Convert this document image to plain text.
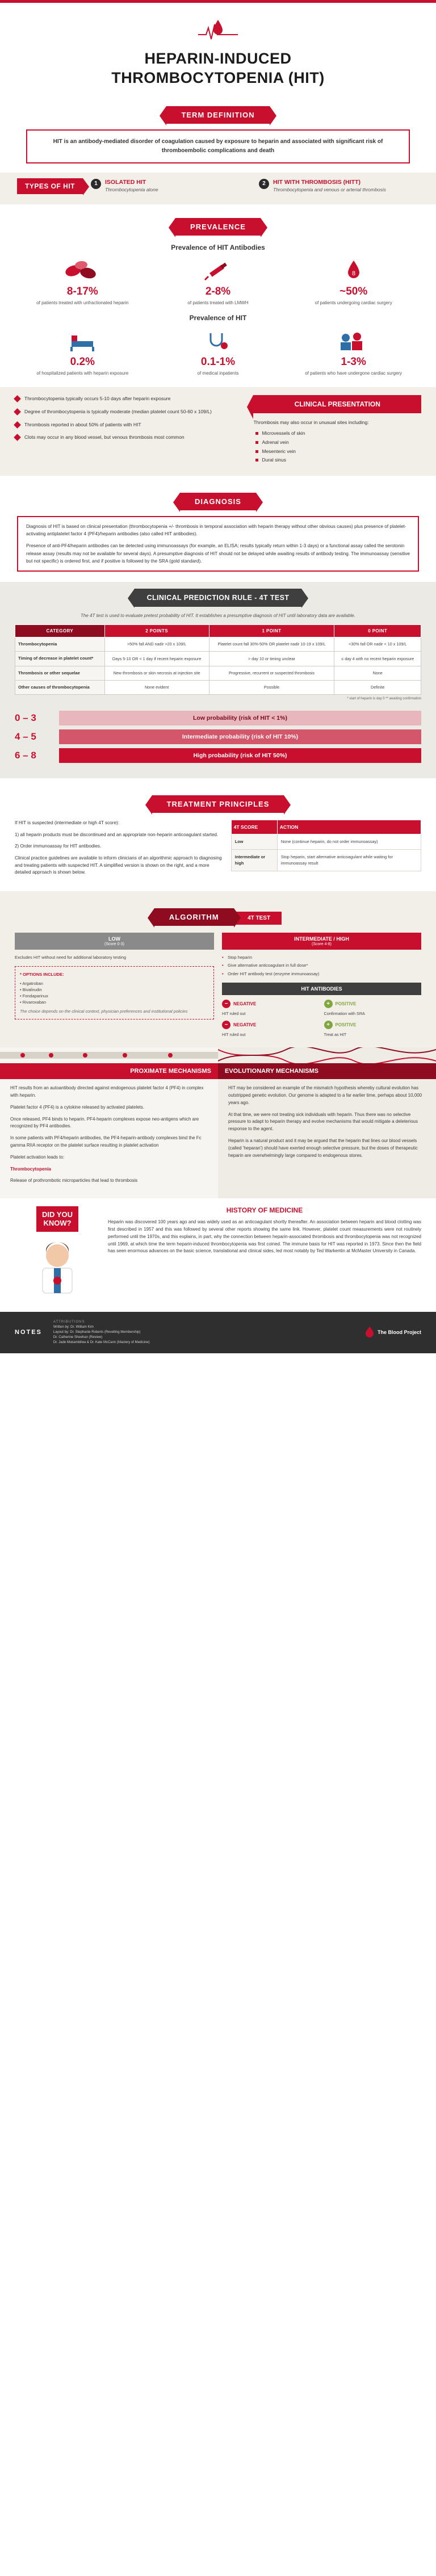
HEPARIN-INDUCED
THROMBOCYTOPENIA (HIT)
TERM DEFINITION
HIT is an antibody-mediated disorder of coagulation caused by exposure to heparin and associated with significant risk of thromboembolic complications and death
TYPES OF HIT	1	ISOLATED HIT
Thrombocytopenia alone
2	HIT WITH THROMBOSIS (HITT)
Thrombocytopenia and venous or arterial thrombosis
PREVALENCE
Prevalence of HIT Antibodies
8-17%
of patients treated with unfractionated heparin
2-8%
of patients treated with LMWH
8
~50%
of patients undergoing cardiac surgery
Prevalence of HIT
0.2%
of hospitalized patients with heparin exposure
0.1-1%
of medical inpatients
1-3%
of patients who have undergone cardiac surgery

Thrombocytopenia typically occurs 5-10 days after heparin exposure

Degree of thrombocytopenia is typically moderate (median platelet count 50-60 x 109/L)

Thrombosis reported in about 50% of patients with HIT

Clots may occur in any blood vessel, but venous thrombosis most common

CLINICAL PRESENTATION
Thrombosis may also occur in unusual sites including:
Microvessels of skin
Adrenal vein
Mesenteric vein
Dural sinus
DIAGNOSIS

Diagnosis of HIT is based on clinical presentation (thrombocytopenia +/- thrombosis in temporal association with heparin therapy without other obvious causes) plus presence of platelet-activating antiplatelet factor 4 (PF4)/heparin antibodies (also called HIT antibodies).

Presence of anti-PF4/heparin antibodies can be detected using immunoassays (for example, an ELISA; results typically return within 1-3 days) or a functional assay called the serotonin release assay (results may not be available for several days). A presumptive diagnosis of HIT should not be delayed while awaiting results of antibody testing. The immunoassay (sensitive but not specific) is ordered first, and if positive is followed by the SRA (gold standard).

CLINICAL PREDICTION RULE - 4T TEST
The 4T test is used to evaluate pretest probability of HIT. It establishes a presumptive diagnosis of HIT until laboratory data are available.
CATEGORY	2 POINTS	1 POINT	0 POINT
Thrombocytopenia	>50% fall AND nadir >20 x 109/L	Platelet count fall 30%-50% OR platelet nadir 10-19 x 109/L	<30% fall OR nadir < 10 x 109/L
Timing of decrease in platelet count*	Days 5-10 OR < 1 day if recent heparin exposure	> day 10 or timing unclear	≤ day 4 with no recent heparin exposure
Thrombosis or other sequelae	New thrombosis or skin necrosis at injection site	Progressive, recurrent or suspected thrombosis	None
Other causes of thrombocytopenia	None evident	Possible	Definite
* start of heparin is day 0 ** awaiting confirmation
0 – 3	Low probability (risk of HIT < 1%)
4 – 5	Intermediate probability (risk of HIT 10%)
6 – 8	High probability (risk of HIT 50%)
TREATMENT PRINCIPLES

If HIT is suspected (intermediate or high 4T score):

1) all heparin products must be discontinued and an appropriate non-heparin anticoagulant started.

2) Order immunoassay for HIT antibodies.

Clinical practice guidelines are available to inform clinicians of an algorithmic approach to diagnosing and treating patients with suspected HIT. A simplified version is shown on the right, and a more detailed approach is shown below.

4T SCORE	ACTION
Low	None (continue heparin, do not order immunoassay)
Intermediate or high	Stop heparin, start alternative anticoagulant while waiting for immunoassay result
ALGORITHM	4T TEST
LOW
(Score 0-3)
Excludes HIT without need for additional laboratory testing
* OPTIONS INCLUDE:
• Argatroban
• Bivalirudin
• Fondaparinux
• Rivaroxaban
The choice depends on the clinical context, physician preferences and institutional policies
INTERMEDIATE / HIGH
(Score 4-8)
• Stop heparin
• Give alternative anticoagulant in full dose*
• Order HIT antibody test (enzyme immunoassay)
HIT ANTIBODIES
−	NEGATIVE	+	POSITIVE
HIT ruled out	Confirmation with SRA
−	NEGATIVE	+	POSITIVE
HIT ruled out	Treat as HIT
PROXIMATE MECHANISMS

HIT results from an autoantibody directed against endogenous platelet factor 4 (PF4) in complex with heparin.

Platelet factor 4 (PF4) is a cytokine released by activated platelets.

Once released, PF4 binds to heparin. PF4-heparin complexes expose neo-antigens which are recognized by PF4 antibodies.

In some patients with PF4/heparin antibodies, the PF4-heparin-antibody complexes bind the Fc gamma RIIA receptor on the platelet surface resulting in platelet activation

Platelet activation leads to:

Thrombocytopenia

Release of prothrombotic microparticles that lead to thrombosis

EVOLUTIONARY MECHANISMS

HIT may be considered an example of the mismatch hypothesis whereby cultural evolution has outstripped genetic evolution. Our genome is adapted to a far earlier time, perhaps about 10,000 years ago.

At that time, we were not treating sick individuals with heparin. Thus there was no selective pressure to adapt to heparin therapy and evolve mechanisms that would mitigate a deleterious response to the agent.

Heparin is a natural product and it may be argued that the heparin that lines our blood vessels (called 'heparan') should have exerted enough selective pressure, but the doses of therapeutic heparin are overwhelmingly large compared to endogenous stores.

DID YOU
KNOW?
HISTORY OF MEDICINE
Heparin was discovered 100 years ago and was widely used as an anticoagulant shortly thereafter. An association between heparin and blood clotting was first described in 1957 and this was followed by several other reports showing the same link. However, platelet count measurements were not routinely performed until the 1970s, and this explains, in part, why the connection between heparin-associated thrombosis and thrombocytopenia was not recognized until 1969, at which time the term heparin-induced thrombocytopenia was first coined. The immune basis for HIT was reported in 1973. Since then the field has seen enormous advances on the basic science, translational and clinical sides, led most notably by Ted Warkentin at McMaster University in Canada.
NOTES
ATTRIBUTIONS
Written by: Dr. William Kim
Layout by: Dr. Stephanie Roberts (Revelling Membership)
Dr. Catherine Sheehan (Review)
Dr. Jade Mukambilwa & Dr. Kate McCann (Mastery of Medicine)
The Blood Project
